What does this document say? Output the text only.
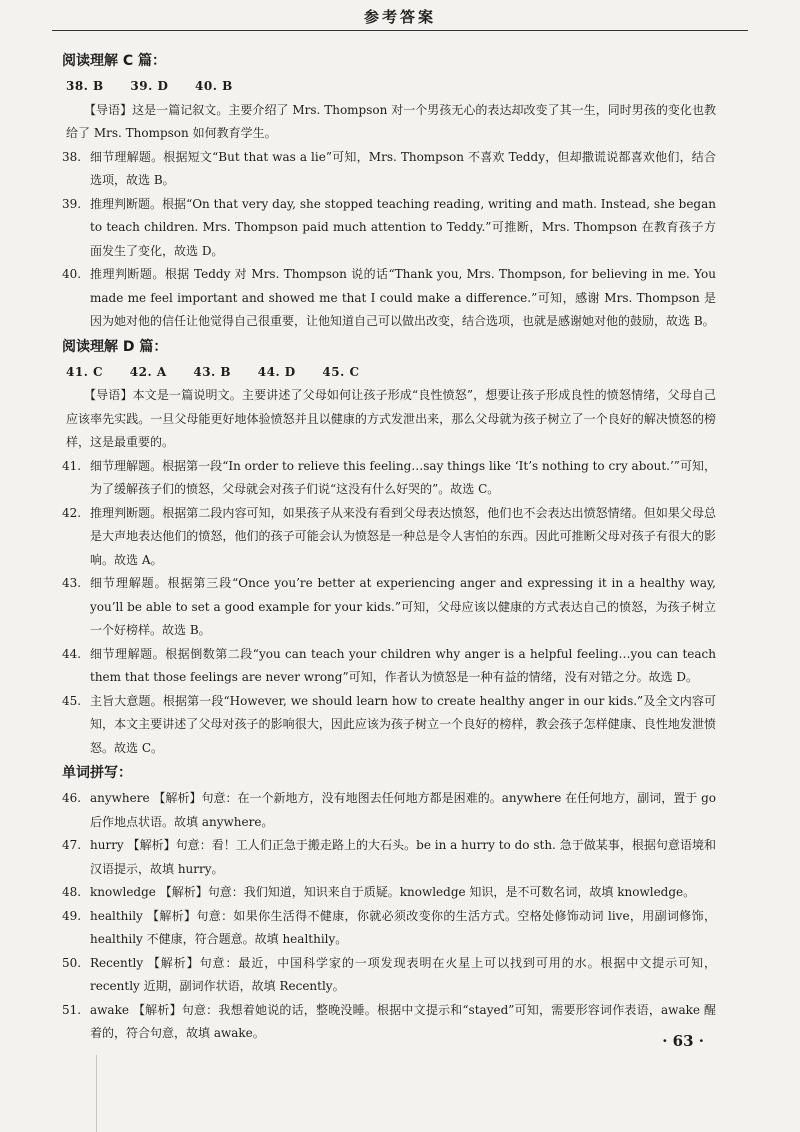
参考答案
阅读理解 C 篇：
38. B 39. D 40. B
【导语】这是一篇记叙文。主要介绍了 Mrs. Thompson 对一个男孩无心的表达却改变了其一生，同时男孩的变化也教给了 Mrs. Thompson 如何教育学生。
38. 细节理解题。根据短文“But that was a lie”可知，Mrs. Thompson 不喜欢 Teddy，但却撒谎说都喜欢他们，结合选项，故选 B。
39. 推理判断题。根据“On that very day, she stopped teaching reading, writing and math. Instead, she began to teach children. Mrs. Thompson paid much attention to Teddy.”可推断，Mrs. Thompson 在教育孩子方面发生了变化，故选 D。
40. 推理判断题。根据 Teddy 对 Mrs. Thompson 说的话“Thank you, Mrs. Thompson, for believing in me. You made me feel important and showed me that I could make a difference.”可知，感谢 Mrs. Thompson 是因为她对他的信任让他觉得自己很重要，让他知道自己可以做出改变，结合选项，也就是感谢她对他的鼓励，故选 B。
阅读理解 D 篇：
41. C 42. A 43. B 44. D 45. C
【导语】本文是一篇说明文。主要讲述了父母如何让孩子形成“良性愤怒”，想要让孩子形成良性的愤怒情绪，父母自己应该率先实践。一旦父母能更好地体验愤怒并且以健康的方式发泄出来，那么父母就为孩子树立了一个良好的解决愤怒的榜样，这是最重要的。
41. 细节理解题。根据第一段“In order to relieve this feeling…say things like ‘It’s nothing to cry about.’”可知，为了缓解孩子们的愤怒，父母就会对孩子们说“这没有什么好哭的”。故选 C。
42. 推理判断题。根据第二段内容可知，如果孩子从来没有看到父母表达愤怒，他们也不会表达出愤怒情绪。但如果父母总是大声地表达他们的愤怒，他们的孩子可能会认为愤怒是一种总是令人害怕的东西。因此可推断父母对孩子有很大的影响。故选 A。
43. 细节理解题。根据第三段“Once you’re better at experiencing anger and expressing it in a healthy way, you’ll be able to set a good example for your kids.”可知，父母应该以健康的方式表达自己的愤怒，为孩子树立一个好榜样。故选 B。
44. 细节理解题。根据倒数第二段“you can teach your children why anger is a helpful feeling…you can teach them that those feelings are never wrong”可知，作者认为愤怒是一种有益的情绪，没有对错之分。故选 D。
45. 主旨大意题。根据第一段“However, we should learn how to create healthy anger in our kids.”及全文内容可知，本文主要讲述了父母对孩子的影响很大，因此应该为孩子树立一个良好的榜样，教会孩子怎样健康、良性地发泄愤怒。故选 C。
单词拼写：
46. anywhere 【解析】句意：在一个新地方，没有地图去任何地方都是困难的。anywhere 在任何地方，副词，置于 go 后作地点状语。故填 anywhere。
47. hurry 【解析】句意：看！工人们正急于搬走路上的大石头。be in a hurry to do sth. 急于做某事，根据句意语境和汉语提示，故填 hurry。
48. knowledge 【解析】句意：我们知道，知识来自于质疑。knowledge 知识，是不可数名词，故填 knowledge。
49. healthily 【解析】句意：如果你生活得不健康，你就必须改变你的生活方式。空格处修饰动词 live，用副词修饰，healthily 不健康，符合题意。故填 healthily。
50. Recently 【解析】句意：最近，中国科学家的一项发现表明在火星上可以找到可用的水。根据中文提示可知，recently 近期，副词作状语，故填 Recently。
51. awake 【解析】句意：我想着她说的话，整晚没睡。根据中文提示和“stayed”可知，需要形容词作表语，awake 醒着的，符合句意，故填 awake。	· 63 ·
